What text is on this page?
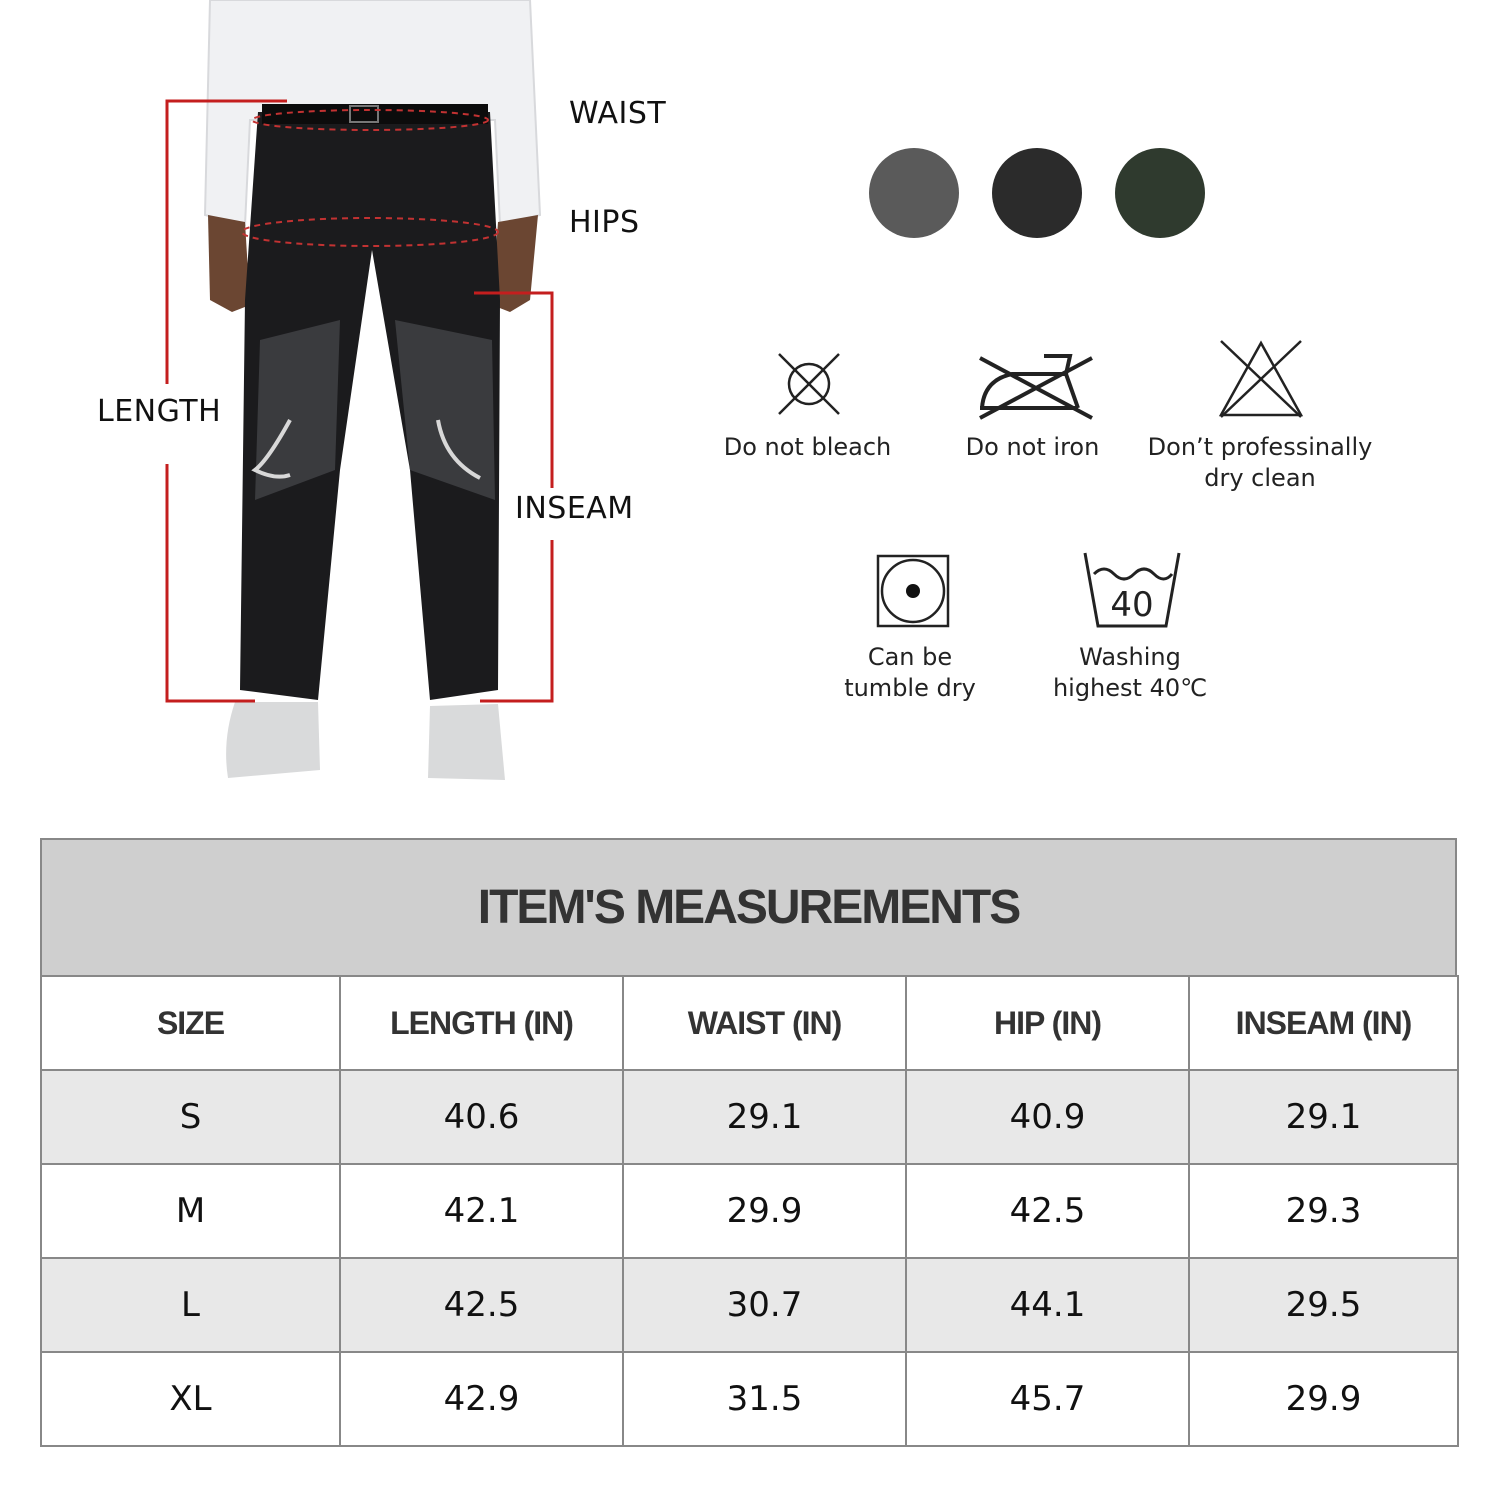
WAIST
HIPS
LENGTH
INSEAM
Do not bleach	Do not iron	Don’t professinally
dry clean
Can be
tumble dry
40
Washing
highest 40℃
ITEM'S MEASUREMENTS
SIZE	LENGTH (IN)	WAIST (IN)	HIP (IN)	INSEAM (IN)
S	40.6	29.1	40.9	29.1
M	42.1	29.9	42.5	29.3
L	42.5	30.7	44.1	29.5
XL	42.9	31.5	45.7	29.9
